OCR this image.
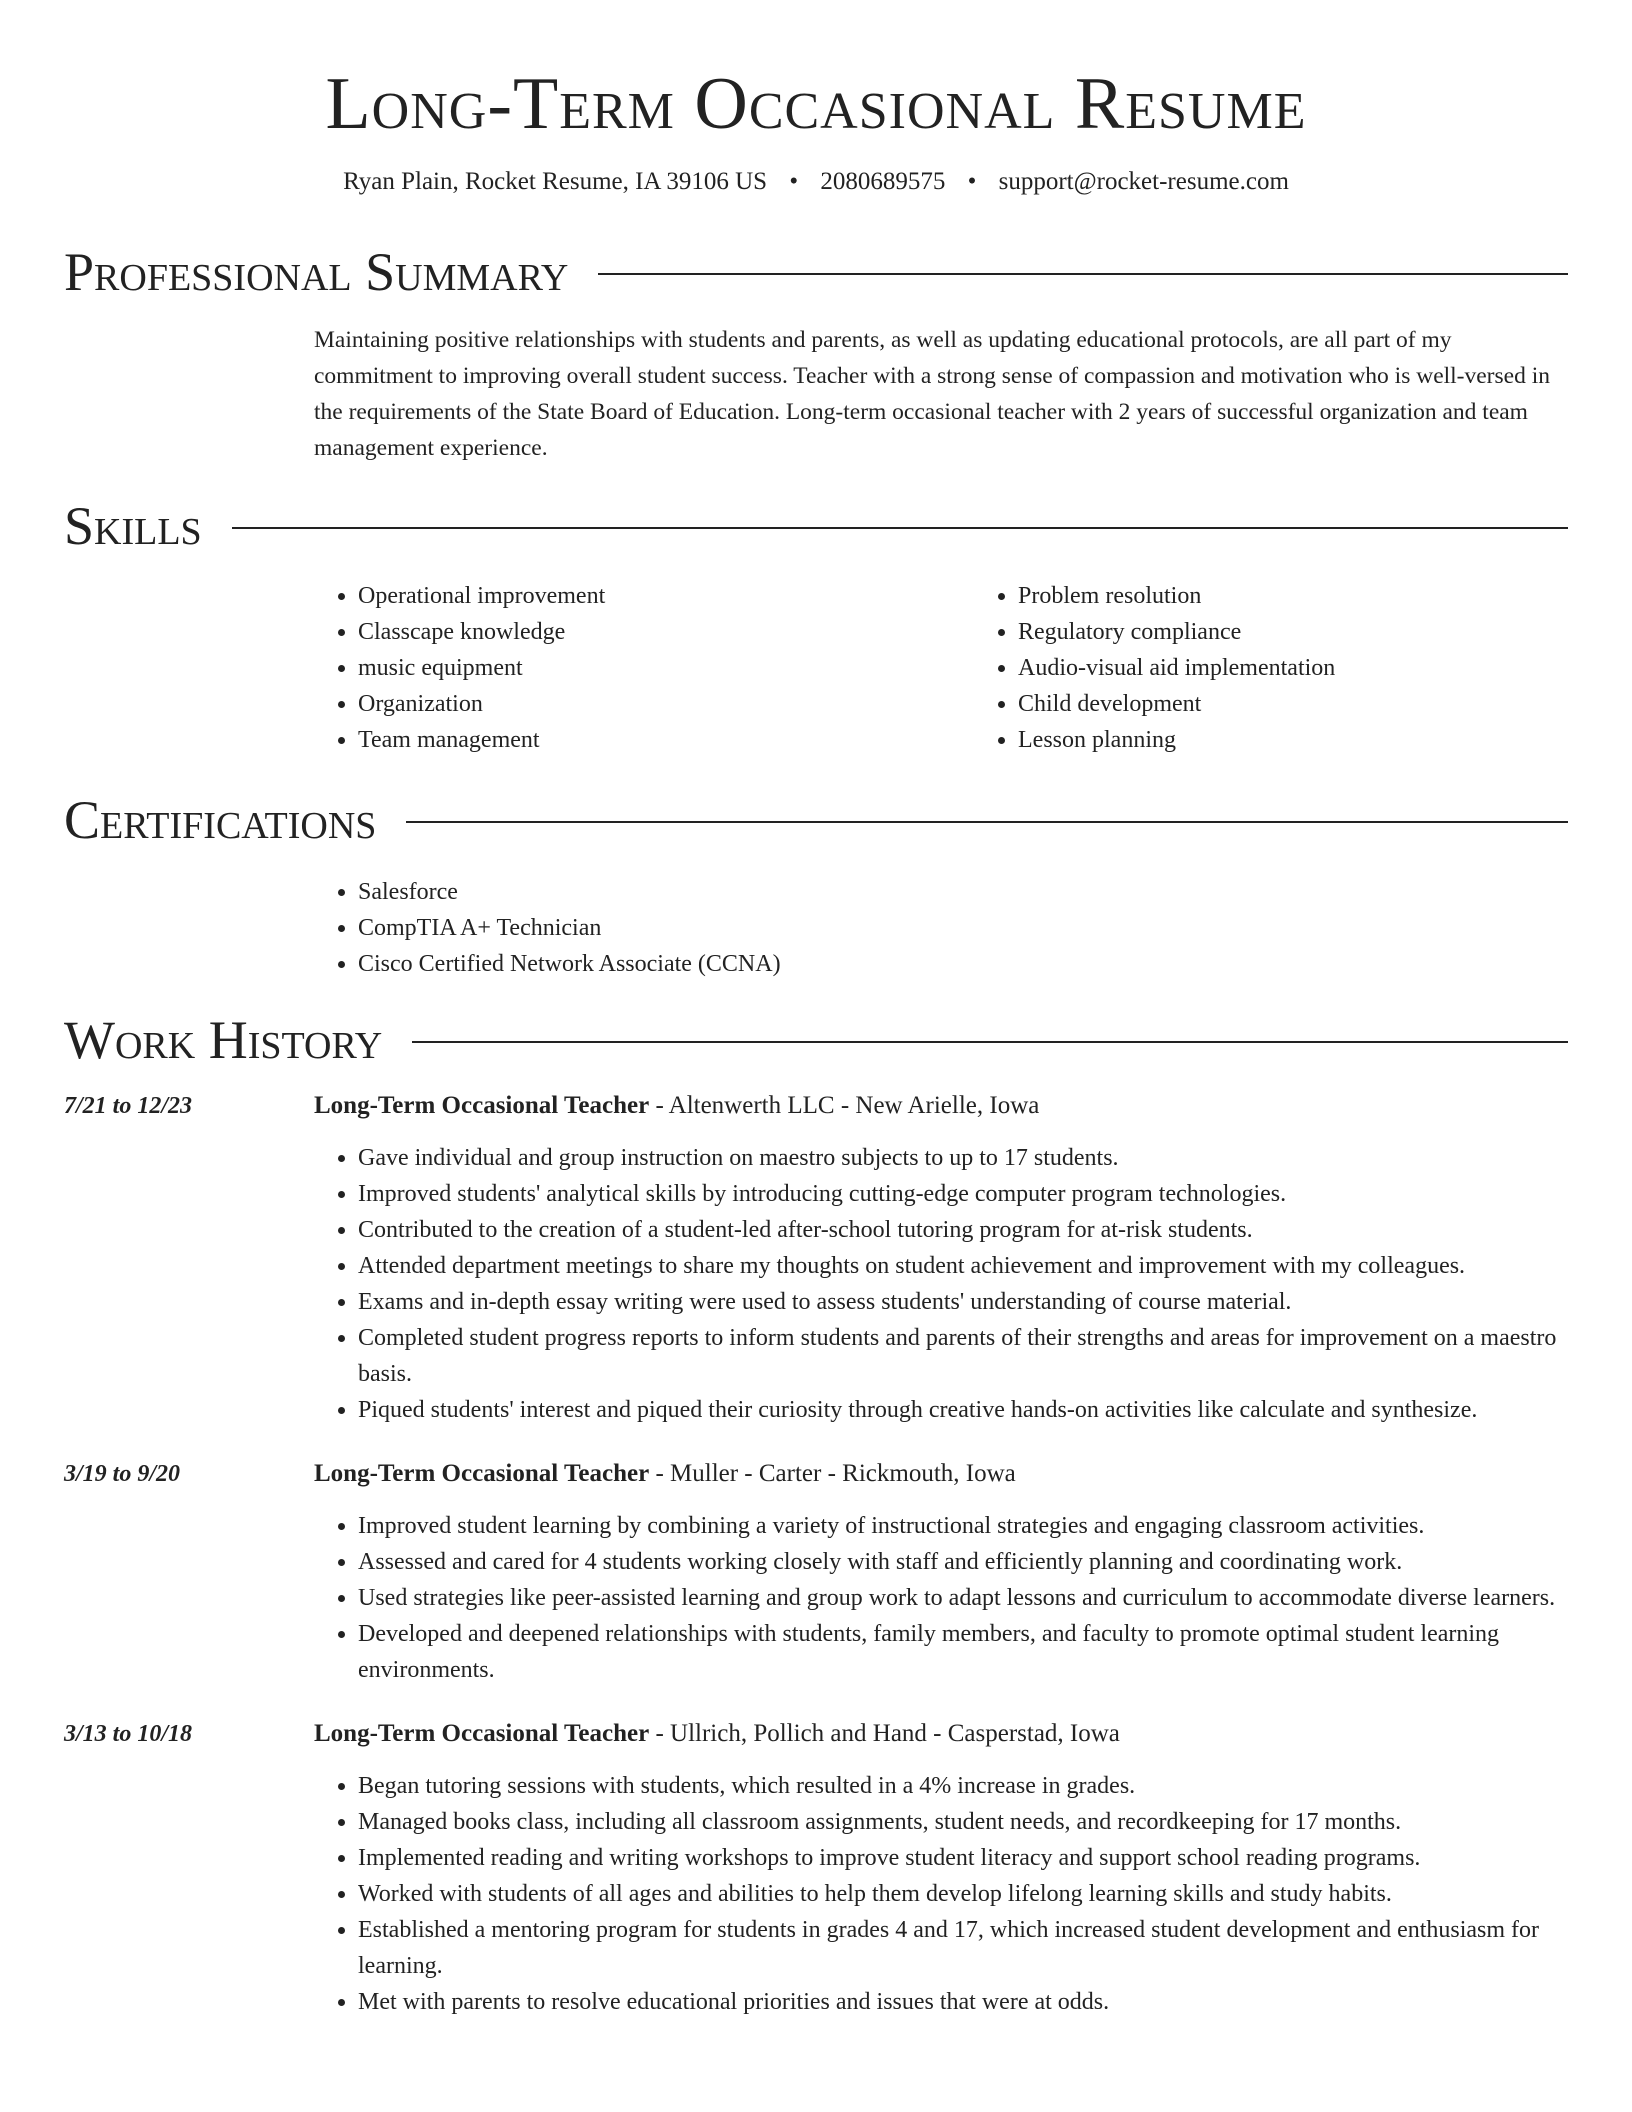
Long-Term Occasional Resume
Ryan Plain, Rocket Resume, IA 39106 US • 2080689575 • support@rocket-resume.com
Professional Summary
Maintaining positive relationships with students and parents, as well as updating educational protocols, are all part of my commitment to improving overall student success. Teacher with a strong sense of compassion and motivation who is well-versed in the requirements of the State Board of Education. Long-term occasional teacher with 2 years of successful organization and team management experience.
Skills
• Operational improvement
• Classcape knowledge
• music equipment
• Organization
• Team management
• Problem resolution
• Regulatory compliance
• Audio-visual aid implementation
• Child development
• Lesson planning
Certifications
• Salesforce
• CompTIA A+ Technician
• Cisco Certified Network Associate (CCNA)
Work History
7/21 to 12/23	Long-Term Occasional Teacher - Altenwerth LLC - New Arielle, Iowa
• Gave individual and group instruction on maestro subjects to up to 17 students.
• Improved students' analytical skills by introducing cutting-edge computer program technologies.
• Contributed to the creation of a student-led after-school tutoring program for at-risk students.
• Attended department meetings to share my thoughts on student achievement and improvement with my colleagues.
• Exams and in-depth essay writing were used to assess students' understanding of course material.
• Completed student progress reports to inform students and parents of their strengths and areas for improvement on a maestro basis.
• Piqued students' interest and piqued their curiosity through creative hands-on activities like calculate and synthesize.
3/19 to 9/20	Long-Term Occasional Teacher - Muller - Carter - Rickmouth, Iowa
• Improved student learning by combining a variety of instructional strategies and engaging classroom activities.
• Assessed and cared for 4 students working closely with staff and efficiently planning and coordinating work.
• Used strategies like peer-assisted learning and group work to adapt lessons and curriculum to accommodate diverse learners.
• Developed and deepened relationships with students, family members, and faculty to promote optimal student learning environments.
3/13 to 10/18	Long-Term Occasional Teacher - Ullrich, Pollich and Hand - Casperstad, Iowa
• Began tutoring sessions with students, which resulted in a 4% increase in grades.
• Managed books class, including all classroom assignments, student needs, and recordkeeping for 17 months.
• Implemented reading and writing workshops to improve student literacy and support school reading programs.
• Worked with students of all ages and abilities to help them develop lifelong learning skills and study habits.
• Established a mentoring program for students in grades 4 and 17, which increased student development and enthusiasm for learning.
• Met with parents to resolve educational priorities and issues that were at odds.
